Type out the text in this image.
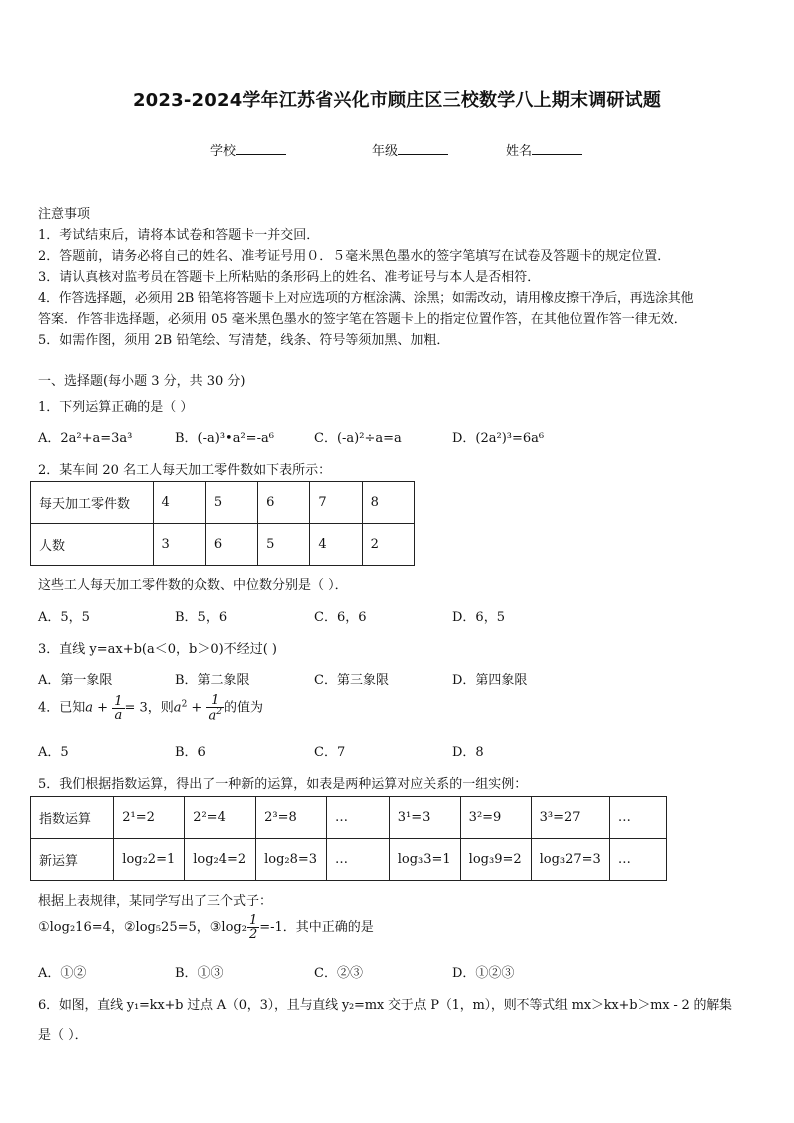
2023-2024学年江苏省兴化市顾庄区三校数学八上期末调研试题
学校	年级	姓名
注意事项
1．考试结束后，请将本试卷和答题卡一并交回．
2．答题前，请务必将自己的姓名、准考证号用０．５毫米黑色墨水的签字笔填写在试卷及答题卡的规定位置．
3．请认真核对监考员在答题卡上所粘贴的条形码上的姓名、准考证号与本人是否相符．
4．作答选择题，必须用 2B 铅笔将答题卡上对应选项的方框涂满、涂黑；如需改动，请用橡皮擦干净后，再选涂其他
答案．作答非选择题，必须用 05 毫米黑色墨水的签字笔在答题卡上的指定位置作答，在其他位置作答一律无效．
5．如需作图，须用 2B 铅笔绘、写清楚，线条、符号等须加黑、加粗．
一、选择题(每小题 3 分，共 30 分)
1．下列运算正确的是（ ）
A．2a²+a=3a³	B．(-a)³•a²=-a⁶	C．(-a)²÷a=a	D．(2a²)³=6a⁶
2．某车间 20 名工人每天加工零件数如下表所示：
每天加工零件数	4	5	6	7	8
人数	3	6	5	4	2
这些工人每天加工零件数的众数、中位数分别是（ ）．
A．5，5	B．5，6	C．6，6	D．6，5
3．直线 y=ax+b(a＜0，b＞0)不经过( )
A．第一象限	B．第二象限	C．第三象限	D．第四象限
4．已知$a + \frac{1}{a} = 3$，则$a^2 + \frac{1}{a^2}$ 的值为
A．5	B．6	C．7	D．8
5．我们根据指数运算，得出了一种新的运算，如表是两种运算对应关系的一组实例：
指数运算	2¹=2	2²=4	2³=8	…	3¹=3	3²=9	3³=27	…
新运算	log₂2=1	log₂4=2	log₂8=3	…	log₃3=1	log₃9=2	log₃27=3	…
根据上表规律，某同学写出了三个式子：
①log₂16=4，②log₅25=5，③log₂ $\frac{1}{2} =-1$．其中正确的是
A．①②	B．①③	C．②③	D．①②③
6．如图，直线 y₁=kx+b 过点 A（0，3），且与直线 y₂=mx 交于点 P（1，m），则不等式组 mx＞kx+b＞mx - 2 的解集
是（ ）．
